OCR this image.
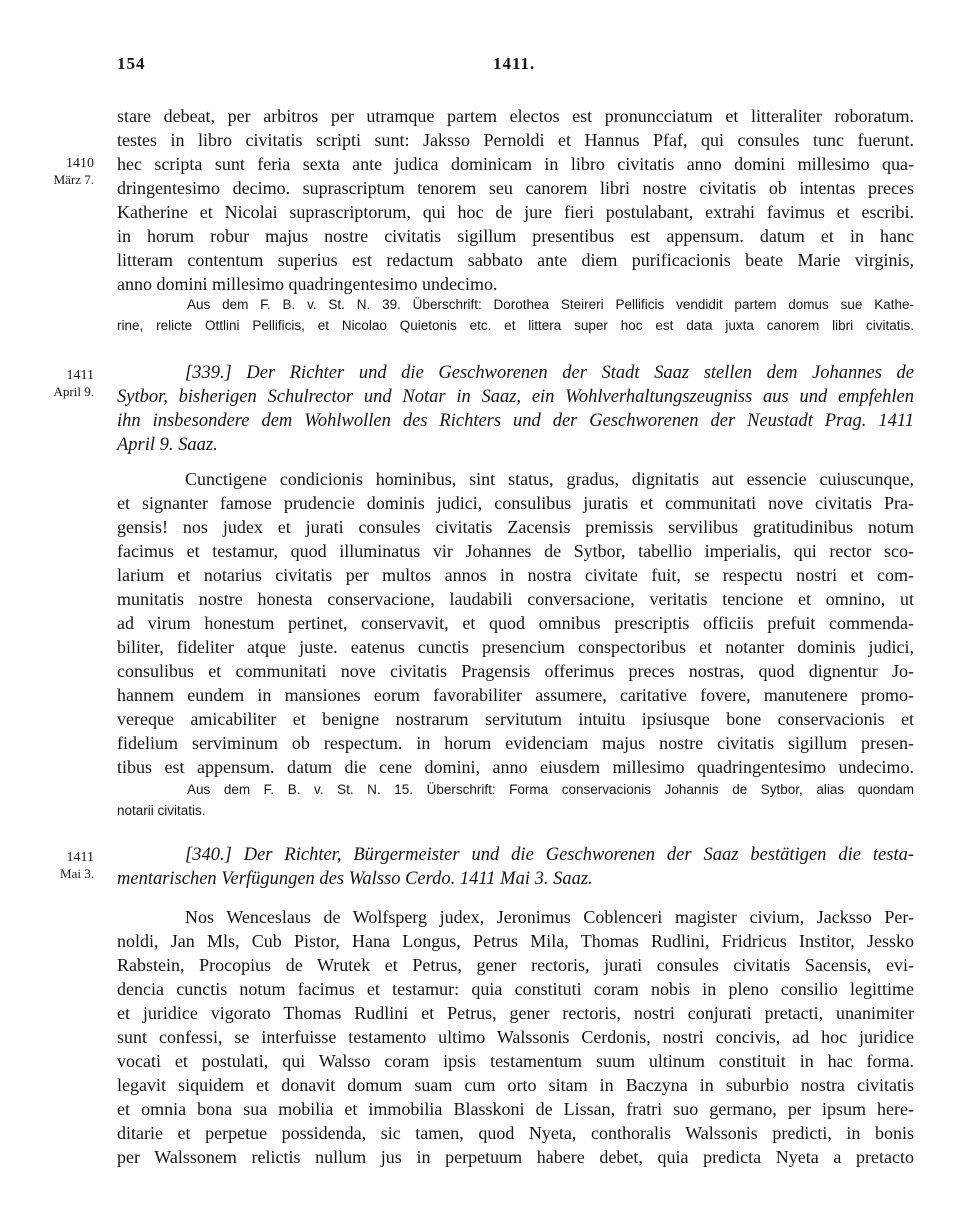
154	1411.
1410
März 7.
1411
April 9.
1411
Mai 3.
stare debeat, per arbitros per utramque partem electos est pronuncciatum et litteraliter roboratum.
testes in libro civitatis scripti sunt: Jaksso Pernoldi et Hannus Pfaf, qui consules tunc fuerunt.
hec scripta sunt feria sexta ante judica dominicam in libro civitatis anno domini millesimo qua-
dringentesimo decimo. suprascriptum tenorem seu canorem libri nostre civitatis ob intentas preces
Katherine et Nicolai suprascriptorum, qui hoc de jure fieri postulabant, extrahi favimus et escribi.
in horum robur majus nostre civitatis sigillum presentibus est appensum. datum et in hanc
litteram contentum superius est redactum sabbato ante diem purificacionis beate Marie virginis,
anno domini millesimo quadringentesimo undecimo.
Aus dem F. B. v. St. N. 39. Überschrift: Dorothea Steireri Pellificis vendidit partem domus sue Kathe-
rine, relicte Ottlini Pellificis, et Nicolao Quietonis etc. et littera super hoc est data juxta canorem libri civitatis.
[339.] Der Richter und die Geschworenen der Stadt Saaz stellen dem Johannes de
Sytbor, bisherigen Schulrector und Notar in Saaz, ein Wohlverhaltungszeugniss aus und empfehlen
ihn insbesondere dem Wohlwollen des Richters und der Geschworenen der Neustadt Prag. 1411
April 9. Saaz.
Cunctigene condicionis hominibus, sint status, gradus, dignitatis aut essencie cuiuscunque,
et signanter famose prudencie dominis judici, consulibus juratis et communitati nove civitatis Pra-
gensis! nos judex et jurati consules civitatis Zacensis premissis servilibus gratitudinibus notum
facimus et testamur, quod illuminatus vir Johannes de Sytbor, tabellio imperialis, qui rector sco-
larium et notarius civitatis per multos annos in nostra civitate fuit, se respectu nostri et com-
munitatis nostre honesta conservacione, laudabili conversacione, veritatis tencione et omnino, ut
ad virum honestum pertinet, conservavit, et quod omnibus prescriptis officiis prefuit commenda-
biliter, fideliter atque juste. eatenus cunctis presencium conspectoribus et notanter dominis judici,
consulibus et communitati nove civitatis Pragensis offerimus preces nostras, quod dignentur Jo-
hannem eundem in mansiones eorum favorabiliter assumere, caritative fovere, manutenere promo-
vereque amicabiliter et benigne nostrarum servitutum intuitu ipsiusque bone conservacionis et
fidelium serviminum ob respectum. in horum evidenciam majus nostre civitatis sigillum presen-
tibus est appensum. datum die cene domini, anno eiusdem millesimo quadringentesimo undecimo.
Aus dem F. B. v. St. N. 15. Überschrift: Forma conservacionis Johannis de Sytbor, alias quondam
notarii civitatis.
[340.] Der Richter, Bürgermeister und die Geschworenen der Saaz bestätigen die testa-
mentarischen Verfügungen des Walsso Cerdo. 1411 Mai 3. Saaz.
Nos Wenceslaus de Wolfsperg judex, Jeronimus Coblenceri magister civium, Jacksso Per-
noldi, Jan Mls, Cub Pistor, Hana Longus, Petrus Mila, Thomas Rudlini, Fridricus Institor, Jessko
Rabstein, Procopius de Wrutek et Petrus, gener rectoris, jurati consules civitatis Sacensis, evi-
dencia cunctis notum facimus et testamur: quia constituti coram nobis in pleno consilio legittime
et juridice vigorato Thomas Rudlini et Petrus, gener rectoris, nostri conjurati pretacti, unanimiter
sunt confessi, se interfuisse testamento ultimo Walssonis Cerdonis, nostri concivis, ad hoc juridice
vocati et postulati, qui Walsso coram ipsis testamentum suum ultinum constituit in hac forma.
legavit siquidem et donavit domum suam cum orto sitam in Baczyna in suburbio nostra civitatis
et omnia bona sua mobilia et immobilia Blasskoni de Lissan, fratri suo germano, per ipsum here-
ditarie et perpetue possidenda, sic tamen, quod Nyeta, conthoralis Walssonis predicti, in bonis
per Walssonem relictis nullum jus in perpetuum habere debet, quia predicta Nyeta a pretacto
